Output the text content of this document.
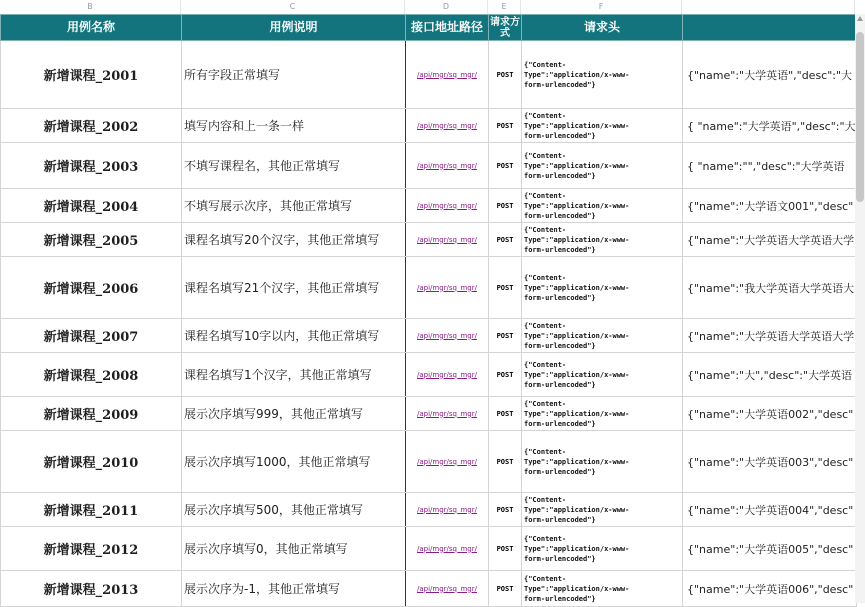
B	C	D	E	F
用例名称	用例说明	接口地址路径	请求方式	请求头	
新增课程_2001	所有字段正常填写	/api/mgr/sq_mgr/	POST	{"Content-
Type":"application/x-www-
form-urlencoded"}	{"name":"大学英语","desc":"大
新增课程_2002	填写内容和上一条一样	/api/mgr/sq_mgr/	POST	{"Content-
Type":"application/x-www-
form-urlencoded"}	{ "name":"大学英语","desc":"大
新增课程_2003	不填写课程名，其他正常填写	/api/mgr/sq_mgr/	POST	{"Content-
Type":"application/x-www-
form-urlencoded"}	{ "name":"","desc":"大学英语
新增课程_2004	不填写展示次序，其他正常填写	/api/mgr/sq_mgr/	POST	{"Content-
Type":"application/x-www-
form-urlencoded"}	{"name":"大学语文001","desc"
新增课程_2005	课程名填写20个汉字，其他正常填写	/api/mgr/sq_mgr/	POST	{"Content-
Type":"application/x-www-
form-urlencoded"}	{"name":"大学英语大学英语大学
新增课程_2006	课程名填写21个汉字，其他正常填写	/api/mgr/sq_mgr/	POST	{"Content-
Type":"application/x-www-
form-urlencoded"}	{"name":"我大学英语大学英语大
新增课程_2007	课程名填写10字以内，其他正常填写	/api/mgr/sq_mgr/	POST	{"Content-
Type":"application/x-www-
form-urlencoded"}	{"name":"大学英语大学英语大学
新增课程_2008	课程名填写1个汉字，其他正常填写	/api/mgr/sq_mgr/	POST	{"Content-
Type":"application/x-www-
form-urlencoded"}	{"name":"大","desc":"大学英语
新增课程_2009	展示次序填写999，其他正常填写	/api/mgr/sq_mgr/	POST	{"Content-
Type":"application/x-www-
form-urlencoded"}	{"name":"大学英语002","desc"
新增课程_2010	展示次序填写1000，其他正常填写	/api/mgr/sq_mgr/	POST	{"Content-
Type":"application/x-www-
form-urlencoded"}	{"name":"大学英语003","desc"
新增课程_2011	展示次序填写500，其他正常填写	/api/mgr/sq_mgr/	POST	{"Content-
Type":"application/x-www-
form-urlencoded"}	{"name":"大学英语004","desc"
新增课程_2012	展示次序填写0，其他正常填写	/api/mgr/sq_mgr/	POST	{"Content-
Type":"application/x-www-
form-urlencoded"}	{"name":"大学英语005","desc"
新增课程_2013	展示次序为-1，其他正常填写	/api/mgr/sq_mgr/	POST	{"Content-
Type":"application/x-www-
form-urlencoded"}	{"name":"大学英语006","desc"
